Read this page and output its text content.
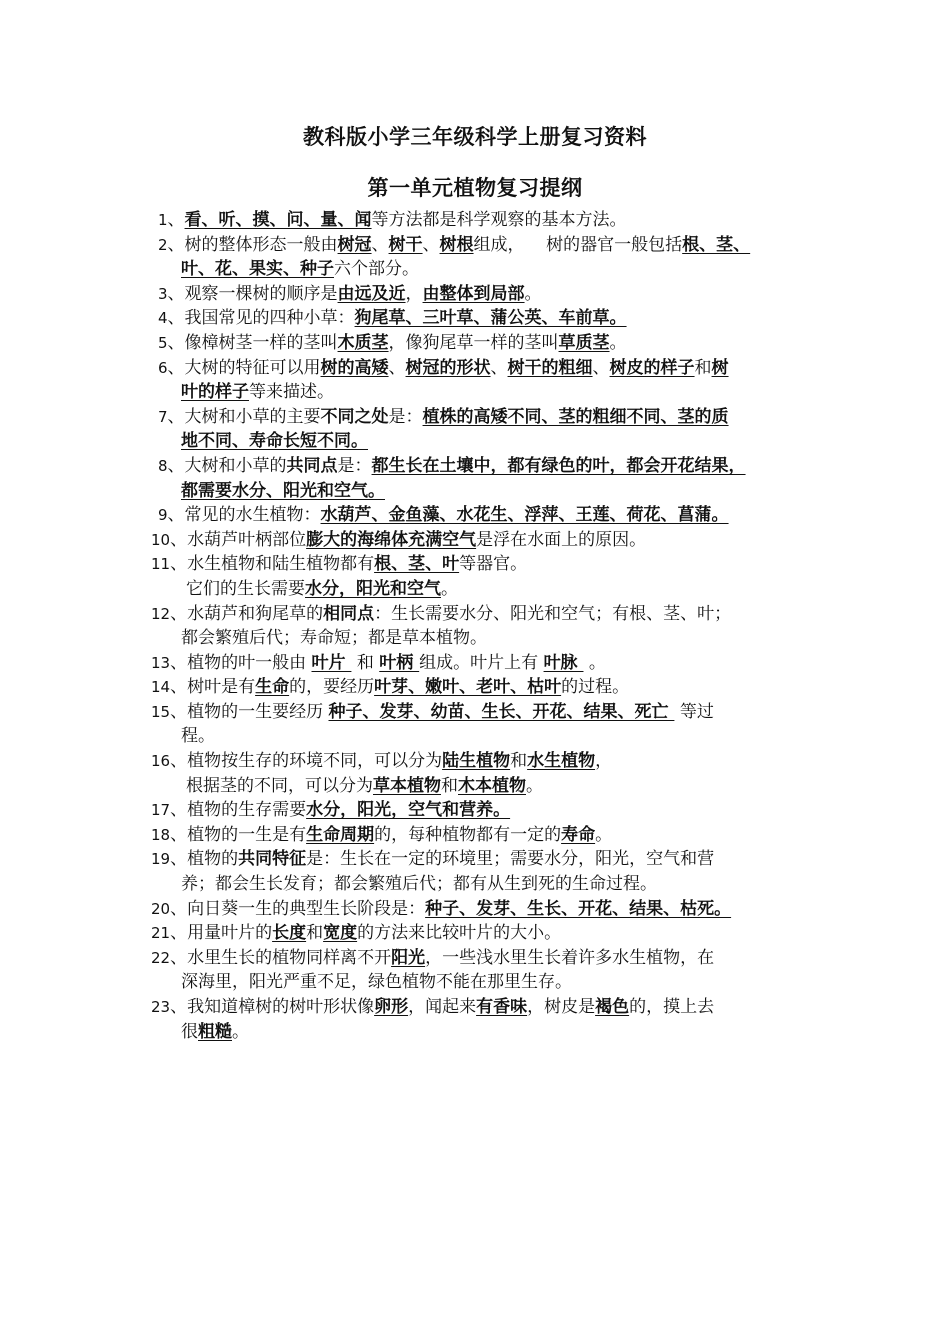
教科版小学三年级科学上册复习资料
第一单元植物复习提纲
1、看、听、摸、问、量、闻等方法都是科学观察的基本方法。
2、树的整体形态一般由树冠、树干、树根组成，    树的器官一般包括根、茎、
叶、花、果实、种子六个部分。
3、观察一棵树的顺序是由远及近，由整体到局部。
4、我国常见的四种小草：狗尾草、三叶草、蒲公英、车前草。
5、像樟树茎一样的茎叫木质茎，像狗尾草一样的茎叫草质茎。
6、大树的特征可以用树的高矮、树冠的形状、树干的粗细、树皮的样子和树
叶的样子等来描述。
7、大树和小草的主要不同之处是：植株的高矮不同、茎的粗细不同、茎的质
地不同、寿命长短不同。
8、大树和小草的共同点是：都生长在土壤中，都有绿色的叶，都会开花结果，
都需要水分、阳光和空气。
9、常见的水生植物：水葫芦、金鱼藻、水花生、浮萍、王莲、荷花、菖蒲。
10、水葫芦叶柄部位膨大的海绵体充满空气是浮在水面上的原因。
11、水生植物和陆生植物都有根、茎、叶等器官。
它们的生长需要水分，阳光和空气。
12、水葫芦和狗尾草的相同点：生长需要水分、阳光和空气；有根、茎、叶；
都会繁殖后代；寿命短；都是草本植物。
13、植物的叶一般由 叶片  和 叶柄 组成。叶片上有 叶脉  。
14、树叶是有生命的，要经历叶芽、嫩叶、老叶、枯叶的过程。
15、植物的一生要经历 种子、发芽、幼苗、生长、开花、结果、死亡  等过
程。
16、植物按生存的环境不同，可以分为陆生植物和水生植物，
根据茎的不同，可以分为草本植物和木本植物。
17、植物的生存需要水分，阳光，空气和营养。
18、植物的一生是有生命周期的，每种植物都有一定的寿命。
19、植物的共同特征是：生长在一定的环境里；需要水分，阳光，空气和营
养；都会生长发育；都会繁殖后代；都有从生到死的生命过程。
20、向日葵一生的典型生长阶段是：种子、发芽、生长、开花、结果、枯死。
21、用量叶片的长度和宽度的方法来比较叶片的大小。
22、水里生长的植物同样离不开阳光，一些浅水里生长着许多水生植物，在
深海里，阳光严重不足，绿色植物不能在那里生存。
23、我知道樟树的树叶形状像卵形，闻起来有香味，树皮是褐色的，摸上去
很粗糙。
